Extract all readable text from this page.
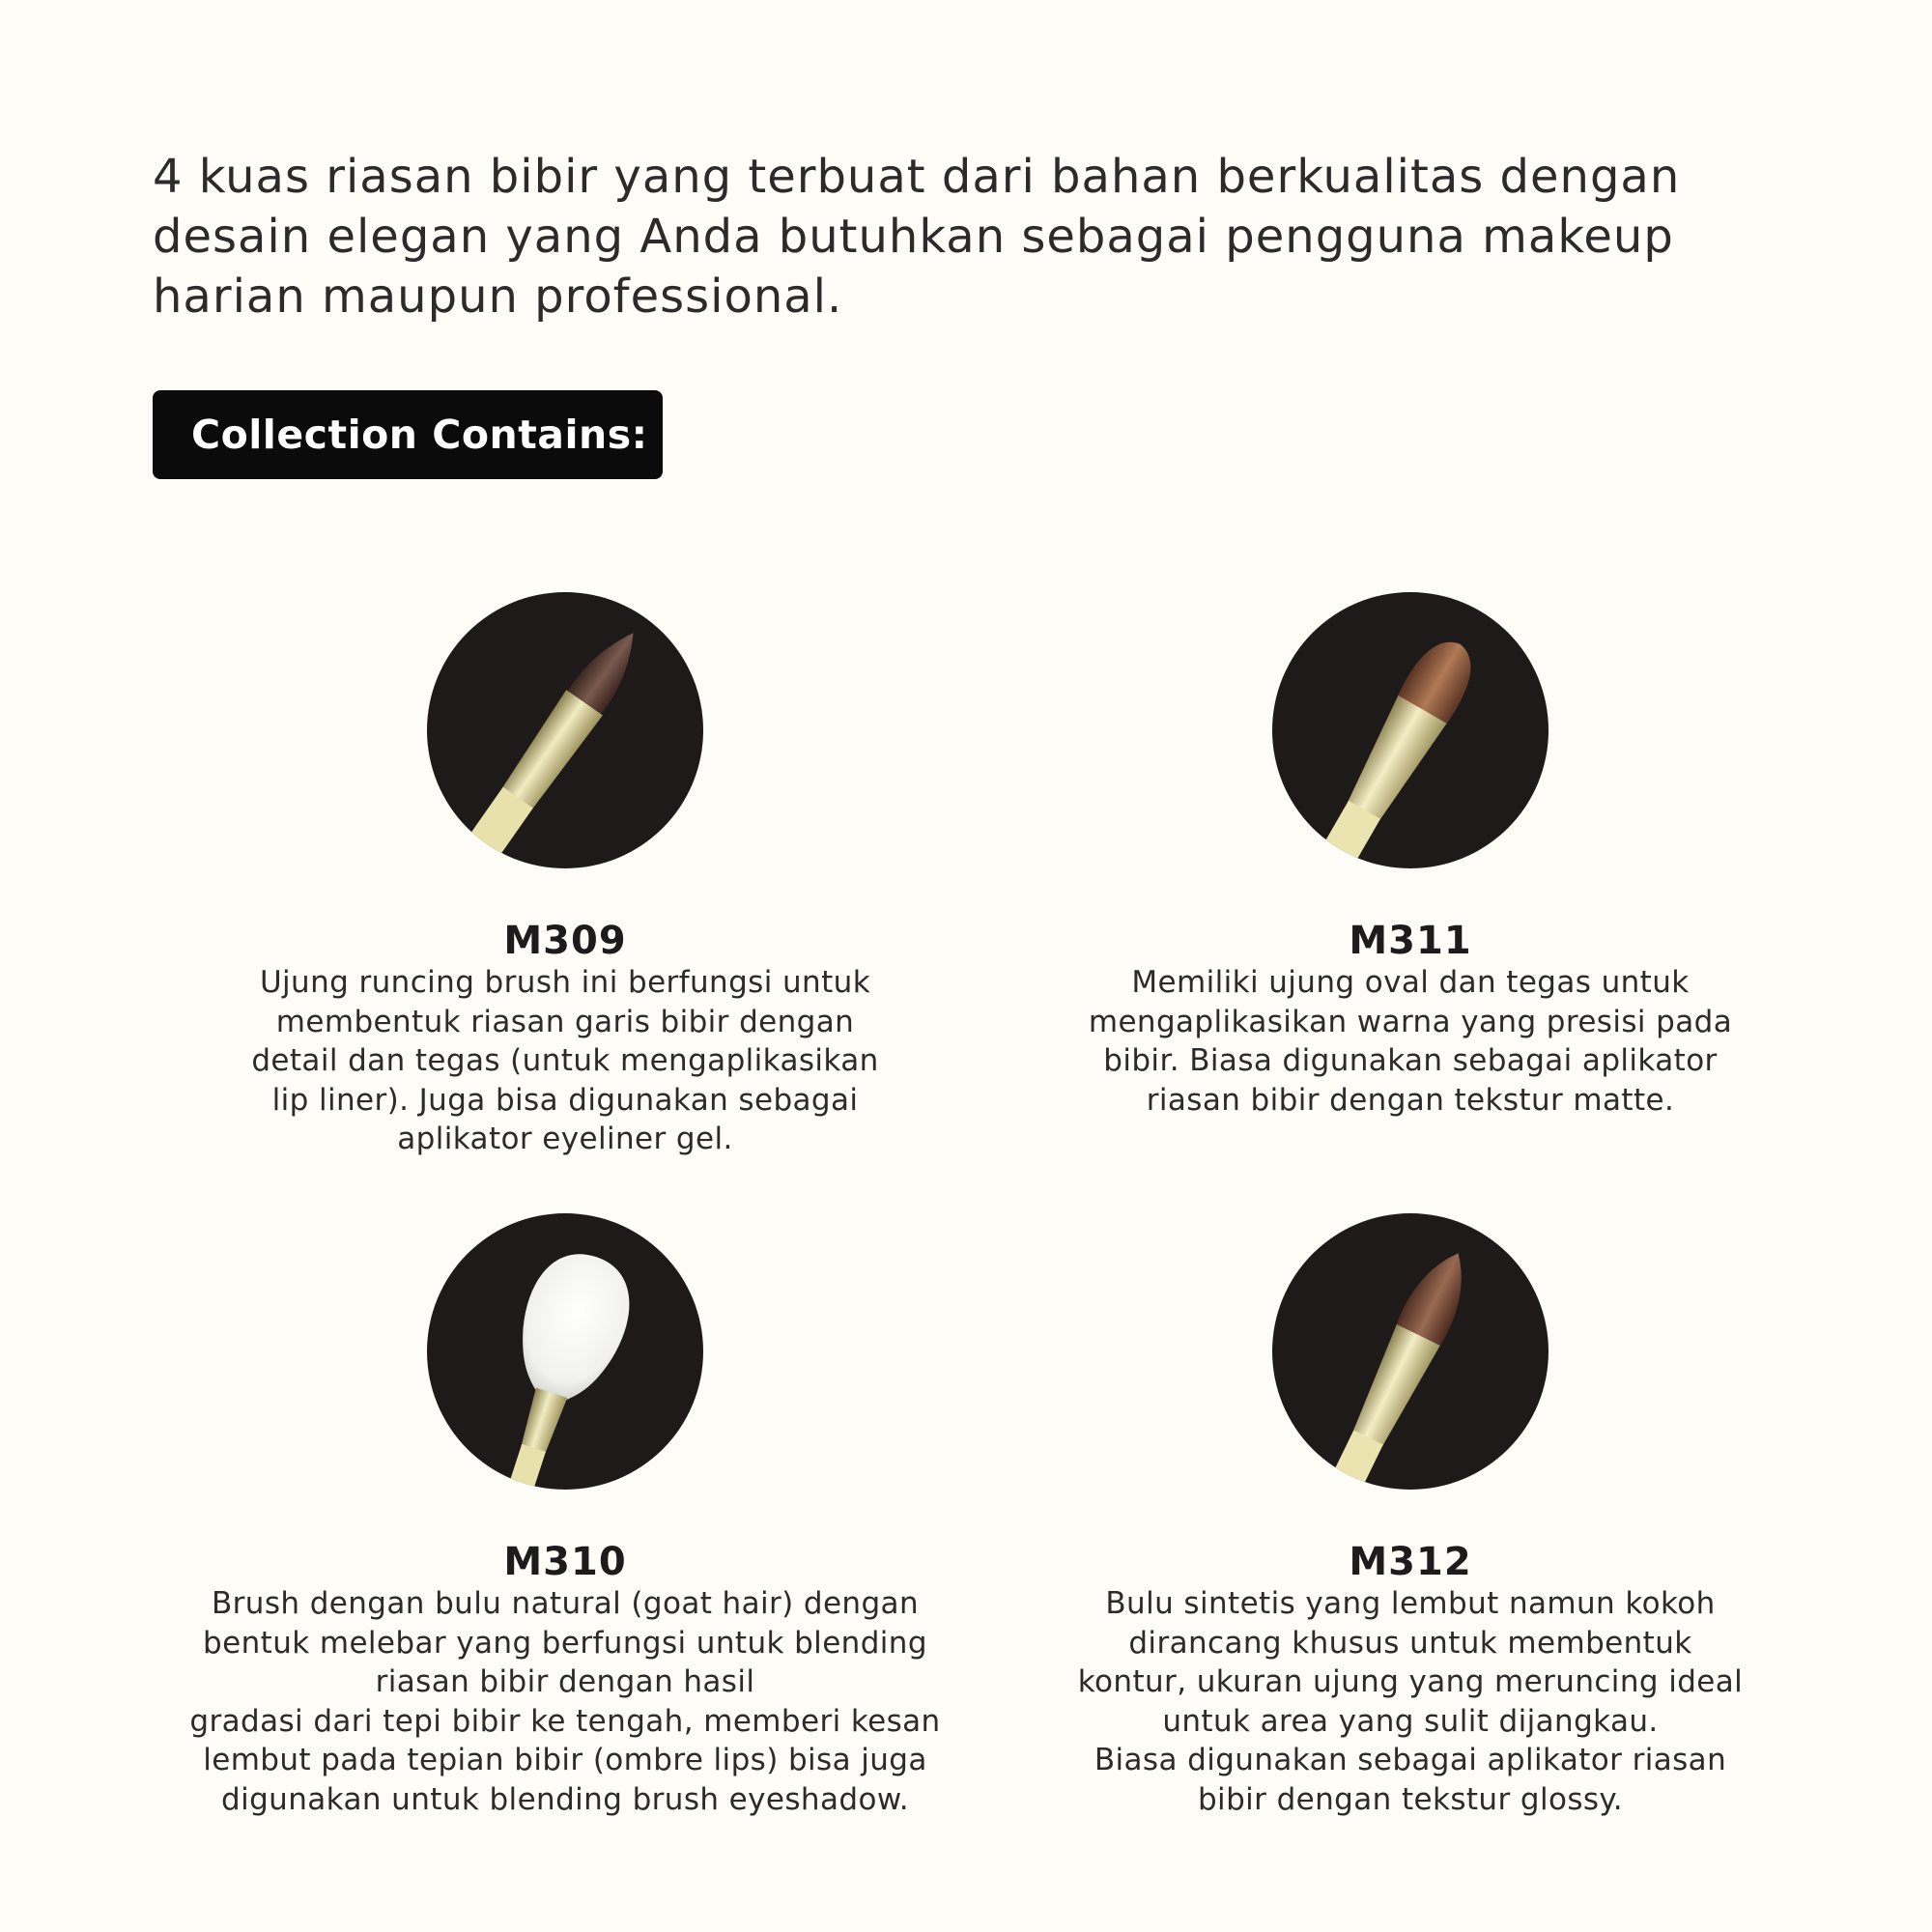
4 kuas riasan bibir yang terbuat dari bahan berkualitas dengan desain elegan yang Anda butuhkan sebagai pengguna makeup harian maupun professional.

Collection Contains:
M309
Ujung runcing brush ini berfungsi untuk
membentuk riasan garis bibir dengan
detail dan tegas (untuk mengaplikasikan
lip liner). Juga bisa digunakan sebagai
aplikator eyeliner gel.
M311
Memiliki ujung oval dan tegas untuk
mengaplikasikan warna yang presisi pada
bibir. Biasa digunakan sebagai aplikator
riasan bibir dengan tekstur matte.
M310
Brush dengan bulu natural (goat hair) dengan
bentuk melebar yang berfungsi untuk blending
riasan bibir dengan hasil
gradasi dari tepi bibir ke tengah, memberi kesan
lembut pada tepian bibir (ombre lips) bisa juga
digunakan untuk blending brush eyeshadow.
M312
Bulu sintetis yang lembut namun kokoh
dirancang khusus untuk membentuk
kontur, ukuran ujung yang meruncing ideal
untuk area yang sulit dijangkau.
Biasa digunakan sebagai aplikator riasan
bibir dengan tekstur glossy.
